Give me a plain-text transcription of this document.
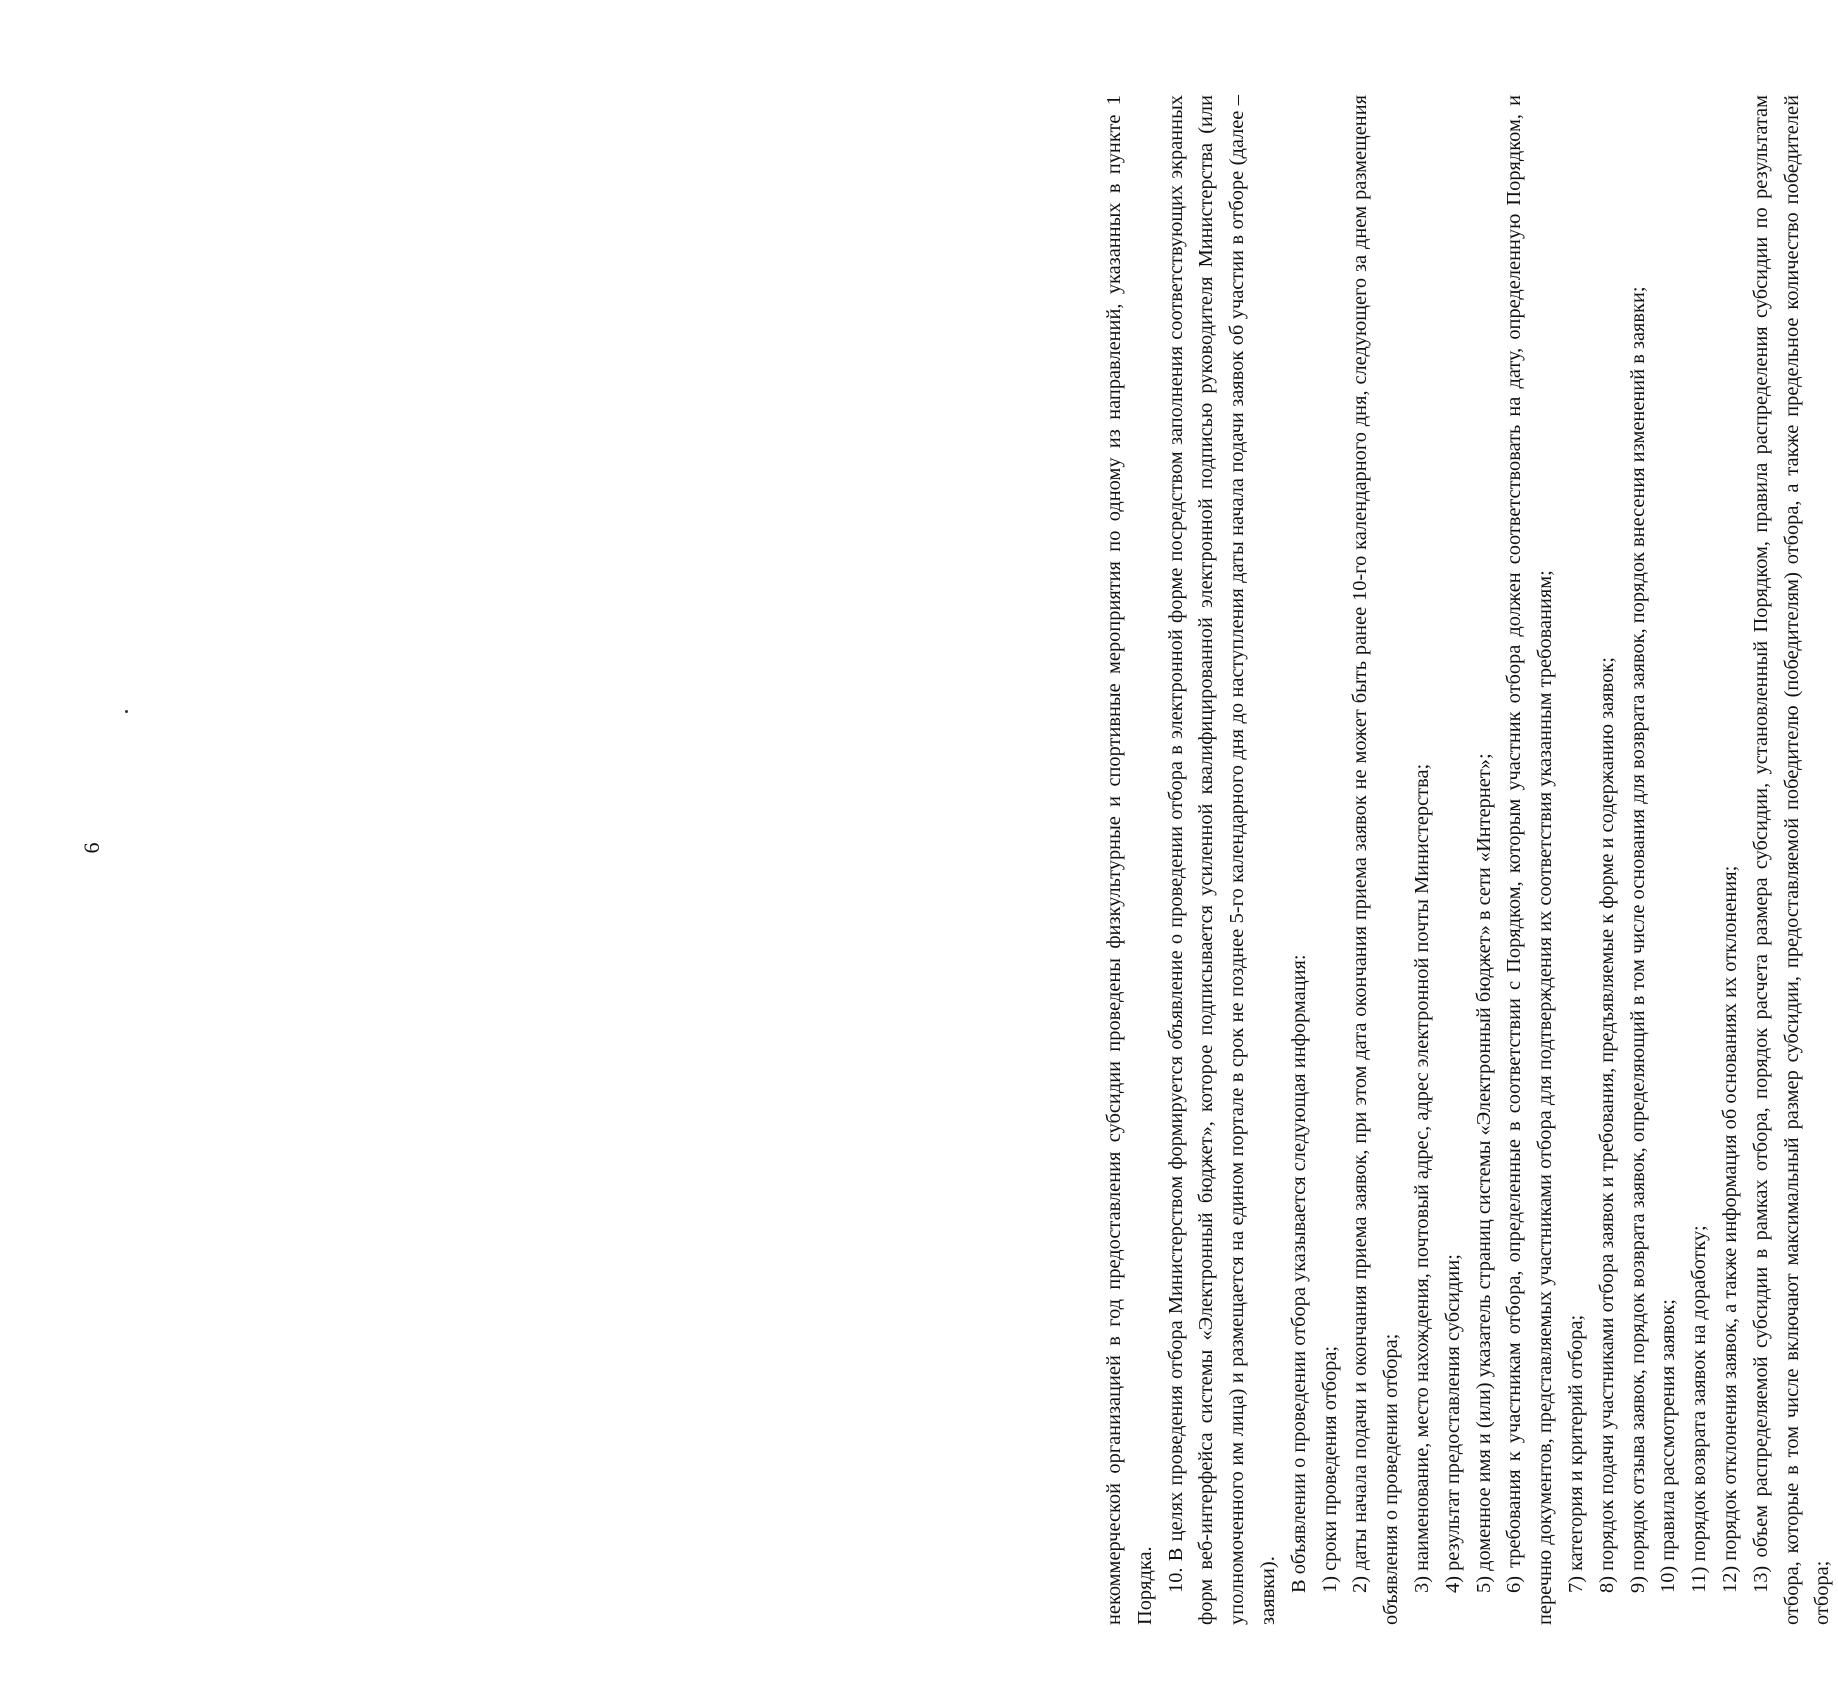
6	некоммерческой организацией в год предоставления субсидии проведены физкультурные и спортивные мероприятия по одному из направлений, указанных в пункте 1 Порядка. 10. В целях проведения отбора Министерством формируется объявление о проведении отбора в электронной форме посредством заполнения соответствующих экранных форм веб-интерфейса системы «Электронный бюджет», которое подписывается усиленной квалифицированной электронной подписью руководителя Министерства (или уполномоченного им лица) и размещается на едином портале в срок не позднее 5-го календарного дня до наступления даты начала подачи заявок об участии в отборе (далее – заявки). В объявлении о проведении отбора указывается следующая информация: 1) сроки проведения отбора; 2) даты начала подачи и окончания приема заявок, при этом дата окончания приема заявок не может быть ранее 10-го календарного дня, следующего за днем размещения объявления о проведении отбора; 3) наименование, место нахождения, почтовый адрес, адрес электронной почты Министерства; 4) результат предоставления субсидии; 5) доменное имя и (или) указатель страниц системы «Электронный бюджет» в сети «Интернет»; 6) требования к участникам отбора, определенные в соответствии с Порядком, которым участник отбора должен соответствовать на дату, определенную Порядком, и перечню документов, представляемых участниками отбора для подтверждения их соответствия указанным требованиям; 7) категория и критерий отбора; 8) порядок подачи участниками отбора заявок и требования, предъявляемые к форме и содержанию заявок; 9) порядок отзыва заявок, порядок возврата заявок, определяющий в том числе основания для возврата заявок, порядок внесения изменений в заявки; 10) правила рассмотрения заявок; 11) порядок возврата заявок на доработку; 12) порядок отклонения заявок, а также информация об основаниях их отклонения; 13) объем распределяемой субсидии в рамках отбора, порядок расчета размера субсидии, установленный Порядком, правила распределения субсидии по результатам отбора, которые в том числе включают максимальный размер субсидии, предоставляемой победителю (победителям) отбора, а также предельное количество победителей отбора;
